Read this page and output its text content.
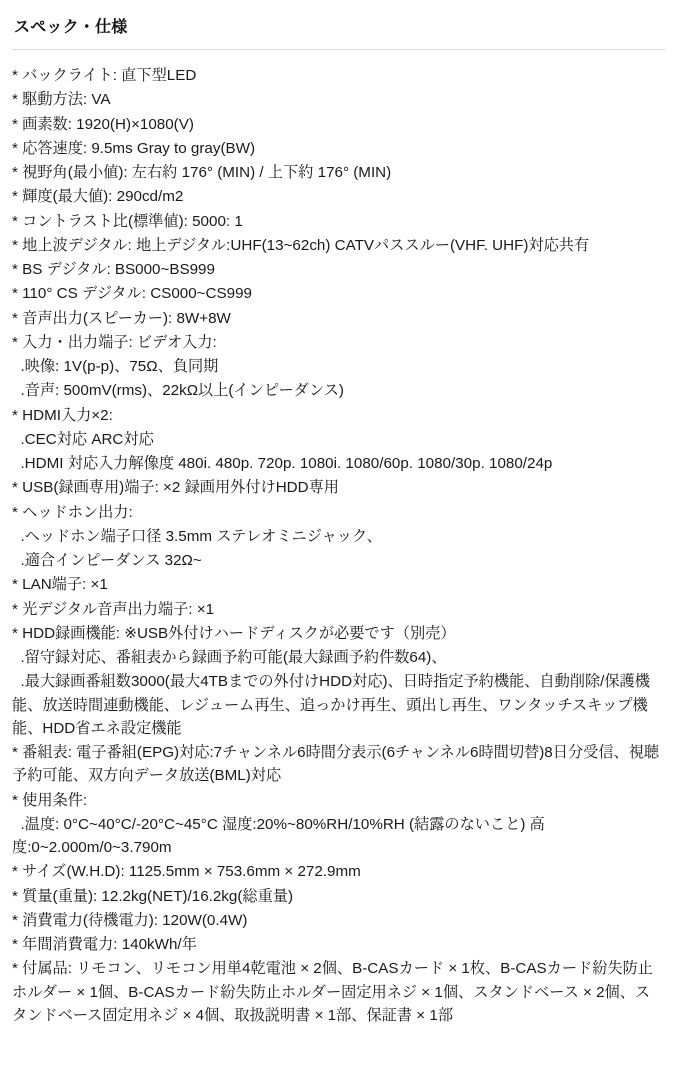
スペック・仕様
* バックライト: 直下型LED
* 駆動方法: VA
* 画素数: 1920(H)×1080(V)
* 応答速度: 9.5ms Gray to gray(BW)
* 視野角(最小値): 左右約 176° (MIN) / 上下約 176° (MIN)
* 輝度(最大値): 290cd/m2
* コントラスト比(標準値): 5000: 1
* 地上波デジタル: 地上デジタル:UHF(13~62ch) CATVパススルー(VHF. UHF)対応共有
* BS デジタル: BS000~BS999
* 110° CS デジタル: CS000~CS999
* 音声出力(スピーカー): 8W+8W
* 入力・出力端子: ビデオ入力:
.映像: 1V(p-p)、75Ω、負同期
.音声: 500mV(rms)、22kΩ以上(インピーダンス)
* HDMI入力×2:
.CEC対応 ARC対応
.HDMI 対応入力解像度 480i. 480p. 720p. 1080i. 1080/60p. 1080/30p. 1080/24p
* USB(録画専用)端子: ×2 録画用外付けHDD専用
* ヘッドホン出力:
.ヘッドホン端子口径 3.5mm ステレオミニジャック、
.適合インピーダンス 32Ω~
* LAN端子: ×1
* 光デジタル音声出力端子: ×1
* HDD録画機能: ※USB外付けハードディスクが必要です（別売）
.留守録対応、番組表から録画予約可能(最大録画予約件数64)、
.最大録画番組数3000(最大4TBまでの外付けHDD対応)、日時指定予約機能、自動削除/保護機能、放送時間連動機能、レジューム再生、追っかけ再生、頭出し再生、ワンタッチスキップ機能、HDD省エネ設定機能
* 番組表: 電子番組(EPG)対応:7チャンネル6時間分表示(6チャンネル6時間切替)8日分受信、視聴予約可能、双方向データ放送(BML)対応
* 使用条件:
.温度: 0°C~40°C/-20°C~45°C 湿度:20%~80%RH/10%RH (結露のないこと) 高度:0~2.000m/0~3.790m
* サイズ(W.H.D): 1125.5mm × 753.6mm × 272.9mm
* 質量(重量): 12.2kg(NET)/16.2kg(総重量)
* 消費電力(待機電力): 120W(0.4W)
* 年間消費電力: 140kWh/年
* 付属品: リモコン、リモコン用単4乾電池 × 2個、B-CASカード × 1枚、B-CASカード紛失防止ホルダー × 1個、B-CASカード紛失防止ホルダー固定用ネジ × 1個、スタンドベース × 2個、スタンドベース固定用ネジ × 4個、取扱説明書 × 1部、保証書 × 1部
